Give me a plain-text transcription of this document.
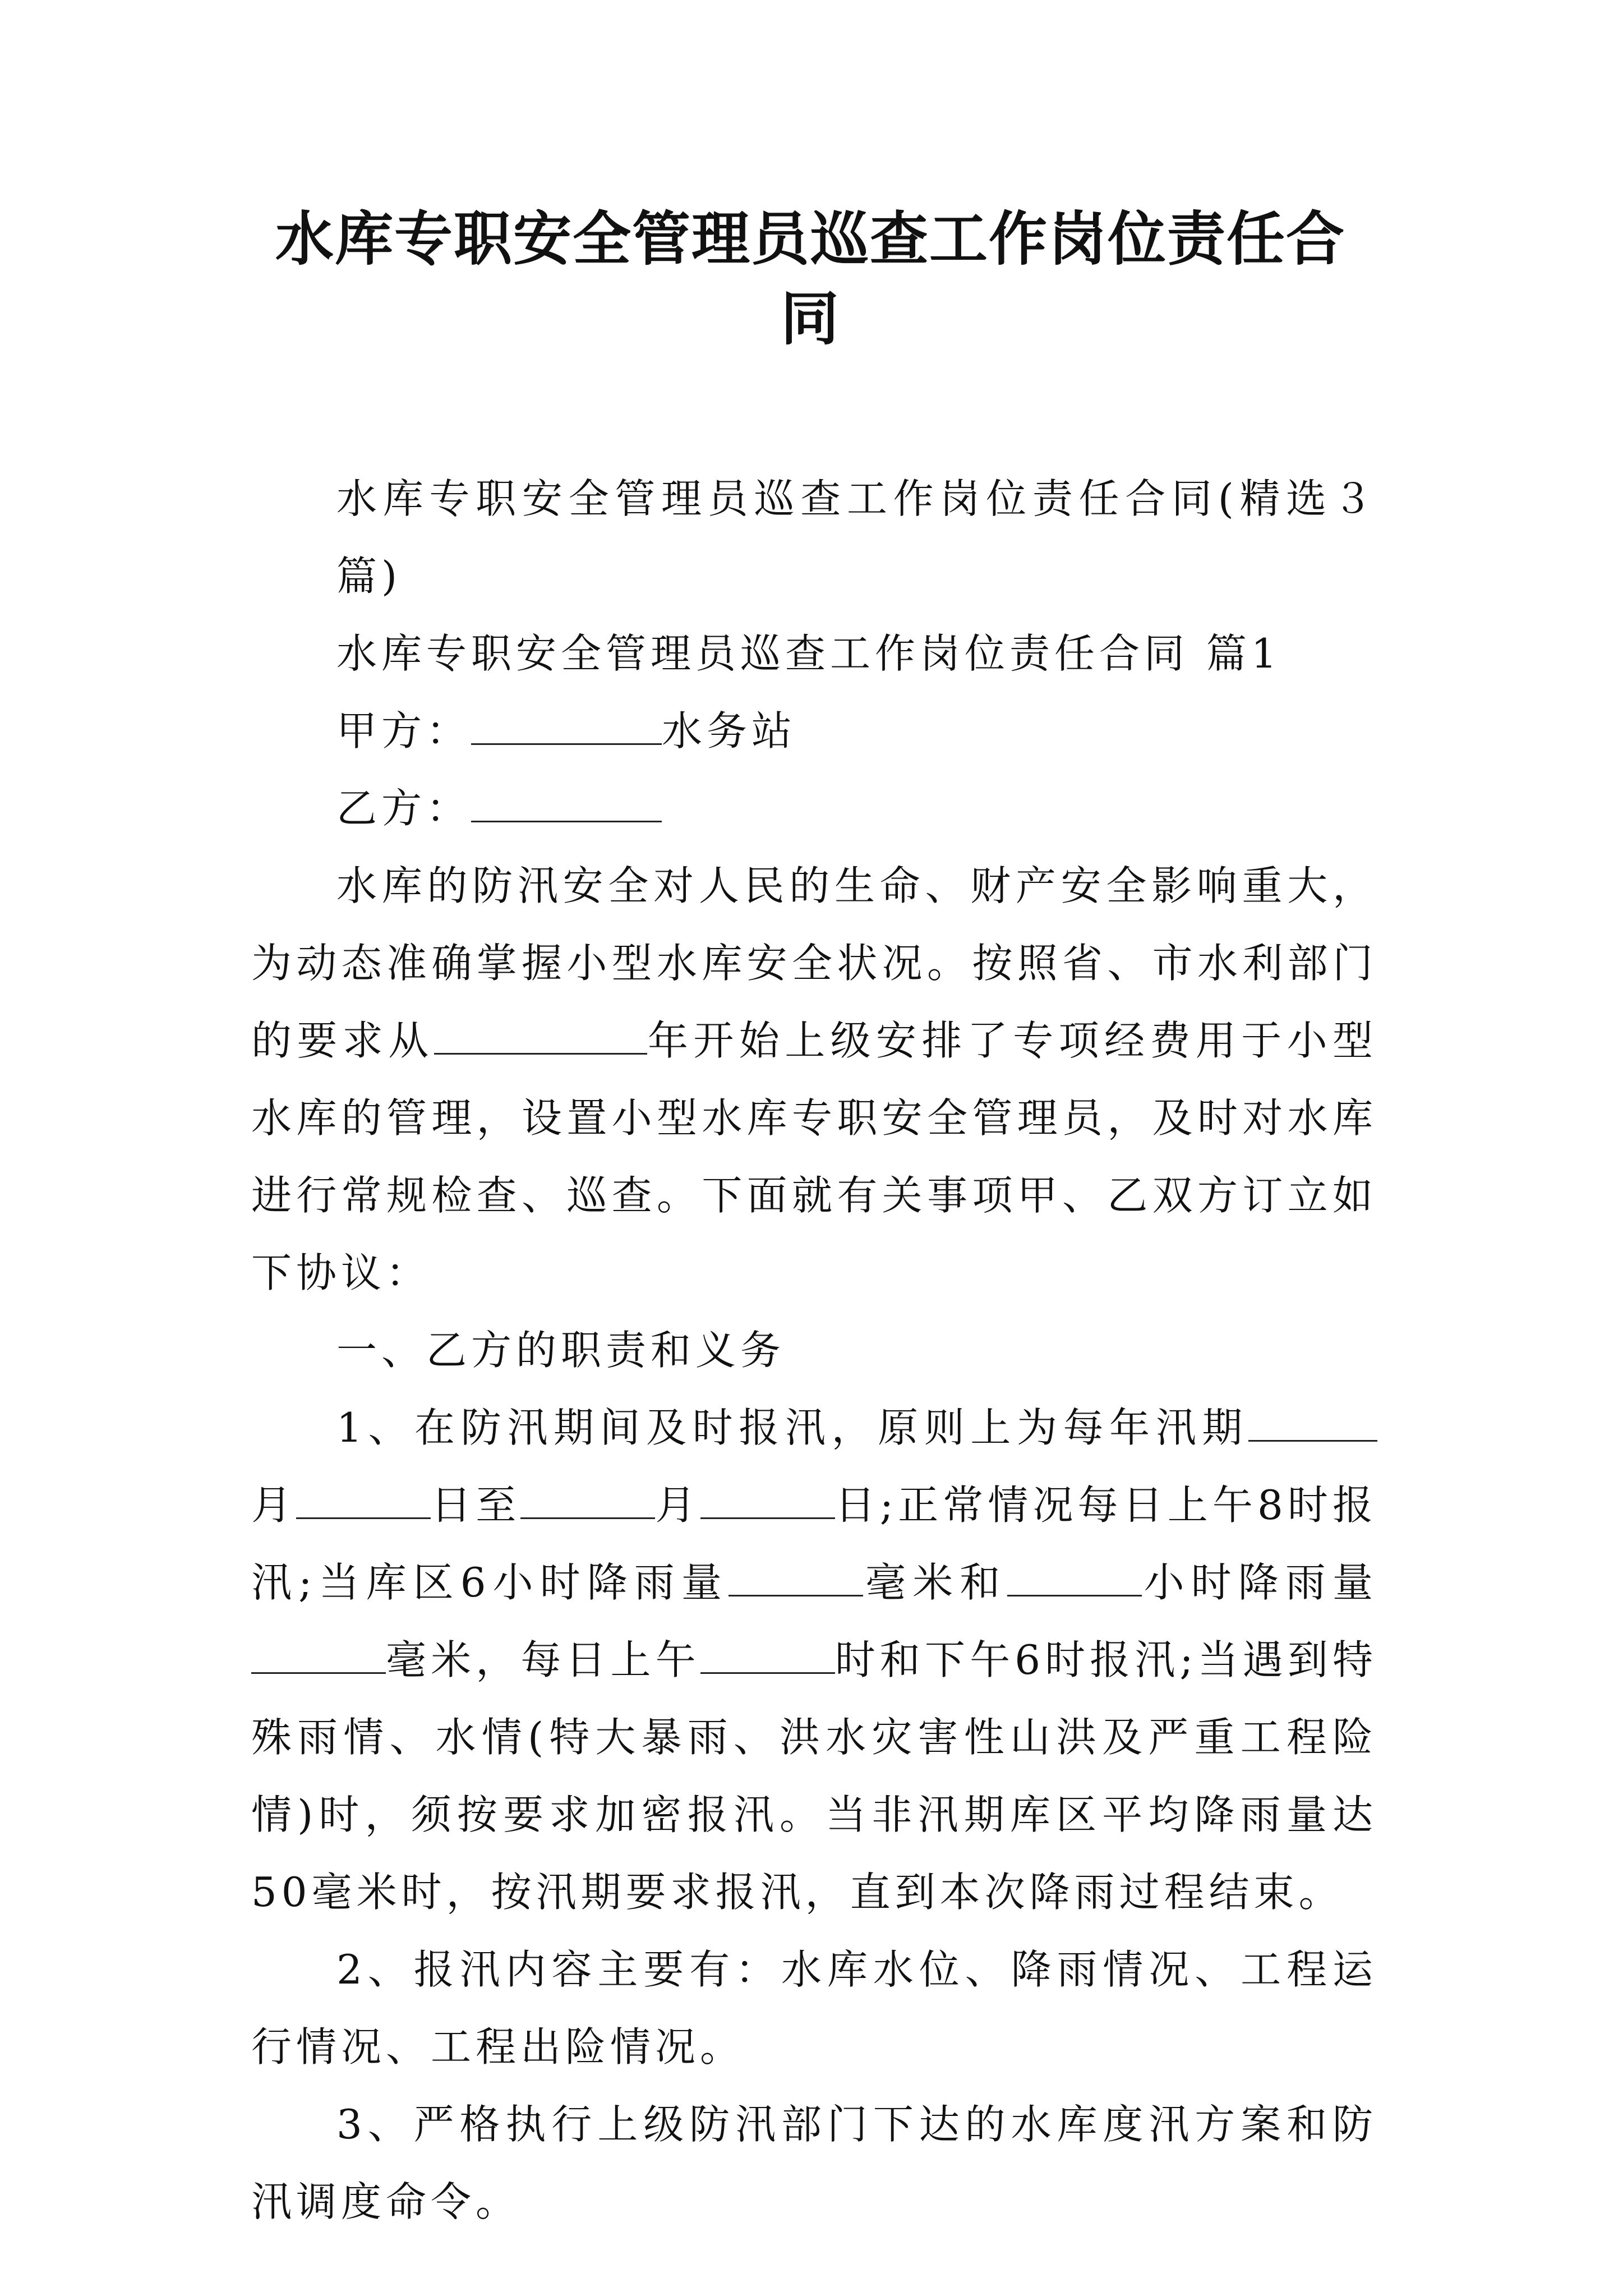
水库专职安全管理员巡查工作岗位责任合同

水库专职安全管理员巡查工作岗位责任合同(精选３篇)

水库专职安全管理员巡查工作岗位责任合同 篇1

甲方：	水务站

乙方：

水库的防汛安全对人民的生命、财产安全影响重大，为动态准确掌握小型水库安全状况。按照省、市水利部门的要求从	年开始上级安排了专项经费用于小型水库的管理，设置小型水库专职安全管理员，及时对水库进行常规检查、巡查。下面就有关事项甲、乙双方订立如下协议：

一、乙方的职责和义务

1、在防汛期间及时报汛，原则上为每年汛期月	日至	月	日;正常情况每日上午8时报汛;当库区6小时降雨量	毫米和	小时降雨量毫米，每日上午	时和下午6时报汛;当遇到特殊雨情、水情(特大暴雨、洪水灾害性山洪及严重工程险情)时，须按要求加密报汛。当非汛期库区平均降雨量达50毫米时，按汛期要求报汛，直到本次降雨过程结束。

2、报汛内容主要有：水库水位、降雨情况、工程运行情况、工程出险情况。

3、严格执行上级防汛部门下达的水库度汛方案和防汛调度命令。
